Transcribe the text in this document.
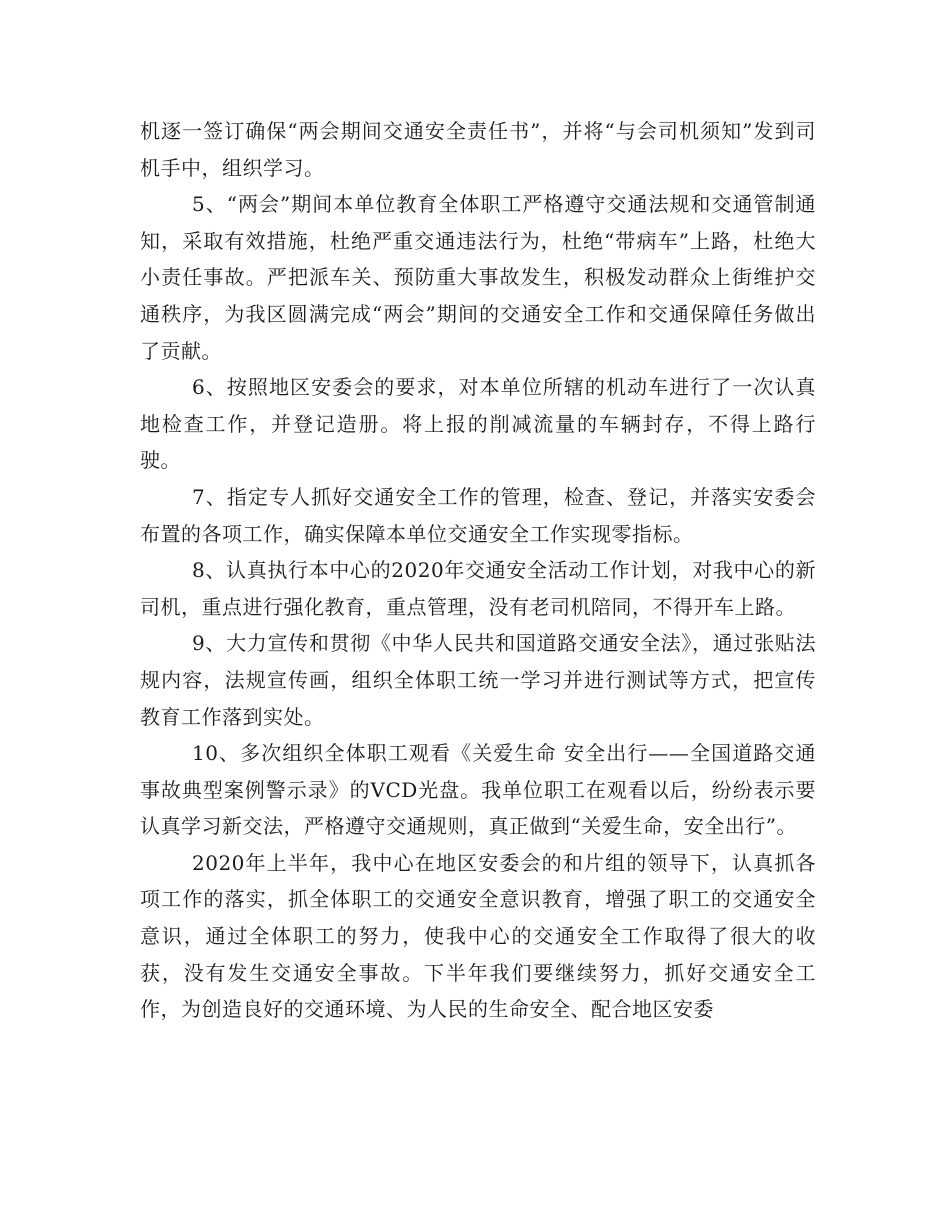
机逐一签订确保“两会期间交通安全责任书”，并将“与会司机须知”发到司机手中，组织学习。

5、“两会”期间本单位教育全体职工严格遵守交通法规和交通管制通知，采取有效措施，杜绝严重交通违法行为，杜绝“带病车”上路，杜绝大小责任事故。严把派车关、预防重大事故发生，积极发动群众上街维护交通秩序，为我区圆满完成“两会”期间的交通安全工作和交通保障任务做出了贡献。

6、按照地区安委会的要求，对本单位所辖的机动车进行了一次认真地检查工作，并登记造册。将上报的削减流量的车辆封存，不得上路行驶。

7、指定专人抓好交通安全工作的管理，检查、登记，并落实安委会布置的各项工作，确实保障本单位交通安全工作实现零指标。

8、认真执行本中心的2020年交通安全活动工作计划，对我中心的新司机，重点进行强化教育，重点管理，没有老司机陪同，不得开车上路。

9、大力宣传和贯彻《中华人民共和国道路交通安全法》，通过张贴法规内容，法规宣传画，组织全体职工统一学习并进行测试等方式，把宣传教育工作落到实处。

10、多次组织全体职工观看《关爱生命 安全出行——全国道路交通事故典型案例警示录》的VCD光盘。我单位职工在观看以后，纷纷表示要认真学习新交法，严格遵守交通规则，真正做到“关爱生命，安全出行”。

2020年上半年，我中心在地区安委会的和片组的领导下，认真抓各项工作的落实，抓全体职工的交通安全意识教育，增强了职工的交通安全意识，通过全体职工的努力，使我中心的交通安全工作取得了很大的收获，没有发生交通安全事故。下半年我们要继续努力，抓好交通安全工作，为创造良好的交通环境、为人民的生命安全、配合地区安委
